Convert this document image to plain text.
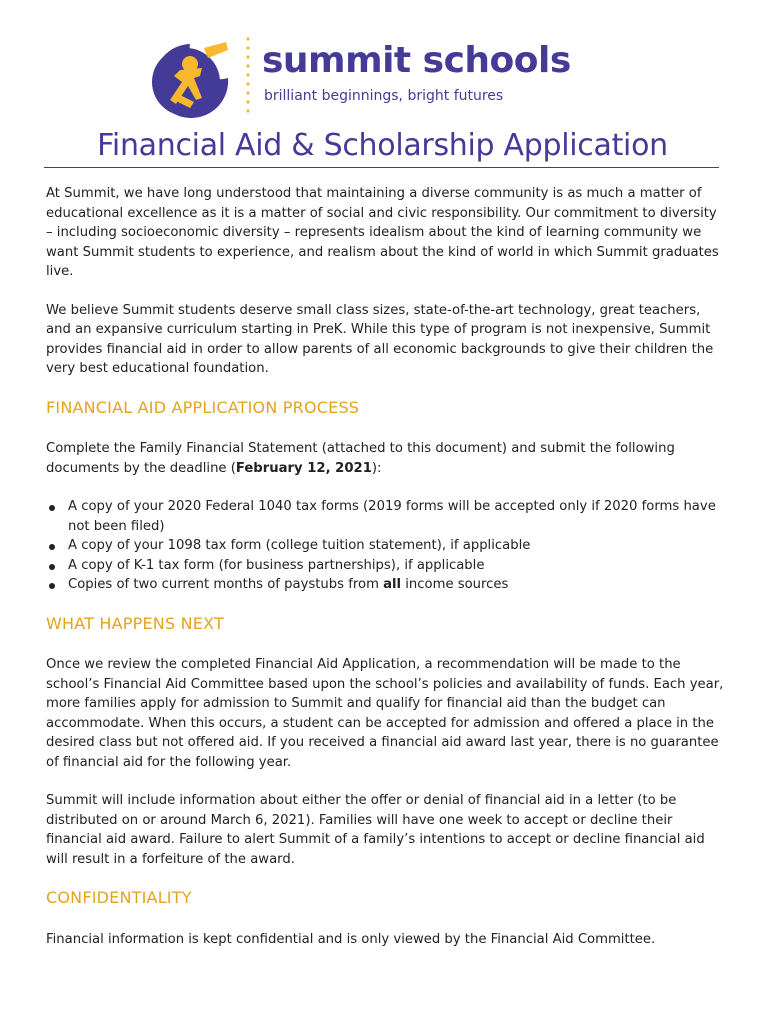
summit schools
brilliant beginnings, bright futures
Financial Aid & Scholarship Application

At Summit, we have long understood that maintaining a diverse community is as much a matter of educational excellence as it is a matter of social and civic responsibility. Our commitment to diversity – including socioeconomic diversity – represents idealism about the kind of learning community we want Summit students to experience, and realism about the kind of world in which Summit graduates live.

We believe Summit students deserve small class sizes, state-of-the-art technology, great teachers, and an expansive curriculum starting in PreK. While this type of program is not inexpensive, Summit provides financial aid in order to allow parents of all economic backgrounds to give their children the very best educational foundation.

FINANCIAL AID APPLICATION PROCESS

Complete the Family Financial Statement (attached to this document) and submit the following documents by the deadline (February 12, 2021):

A copy of your 2020 Federal 1040 tax forms (2019 forms will be accepted only if 2020 forms have not been filed)
A copy of your 1098 tax form (college tuition statement), if applicable
A copy of K-1 tax form (for business partnerships), if applicable
Copies of two current months of paystubs from all income sources
WHAT HAPPENS NEXT

Once we review the completed Financial Aid Application, a recommendation will be made to the school’s Financial Aid Committee based upon the school’s policies and availability of funds. Each year, more families apply for admission to Summit and qualify for financial aid than the budget can accommodate. When this occurs, a student can be accepted for admission and offered a place in the desired class but not offered aid. If you received a financial aid award last year, there is no guarantee of financial aid for the following year.

Summit will include information about either the offer or denial of financial aid in a letter (to be distributed on or around March 6, 2021). Families will have one week to accept or decline their financial aid award. Failure to alert Summit of a family’s intentions to accept or decline financial aid will result in a forfeiture of the award.

CONFIDENTIALITY

Financial information is kept confidential and is only viewed by the Financial Aid Committee.
